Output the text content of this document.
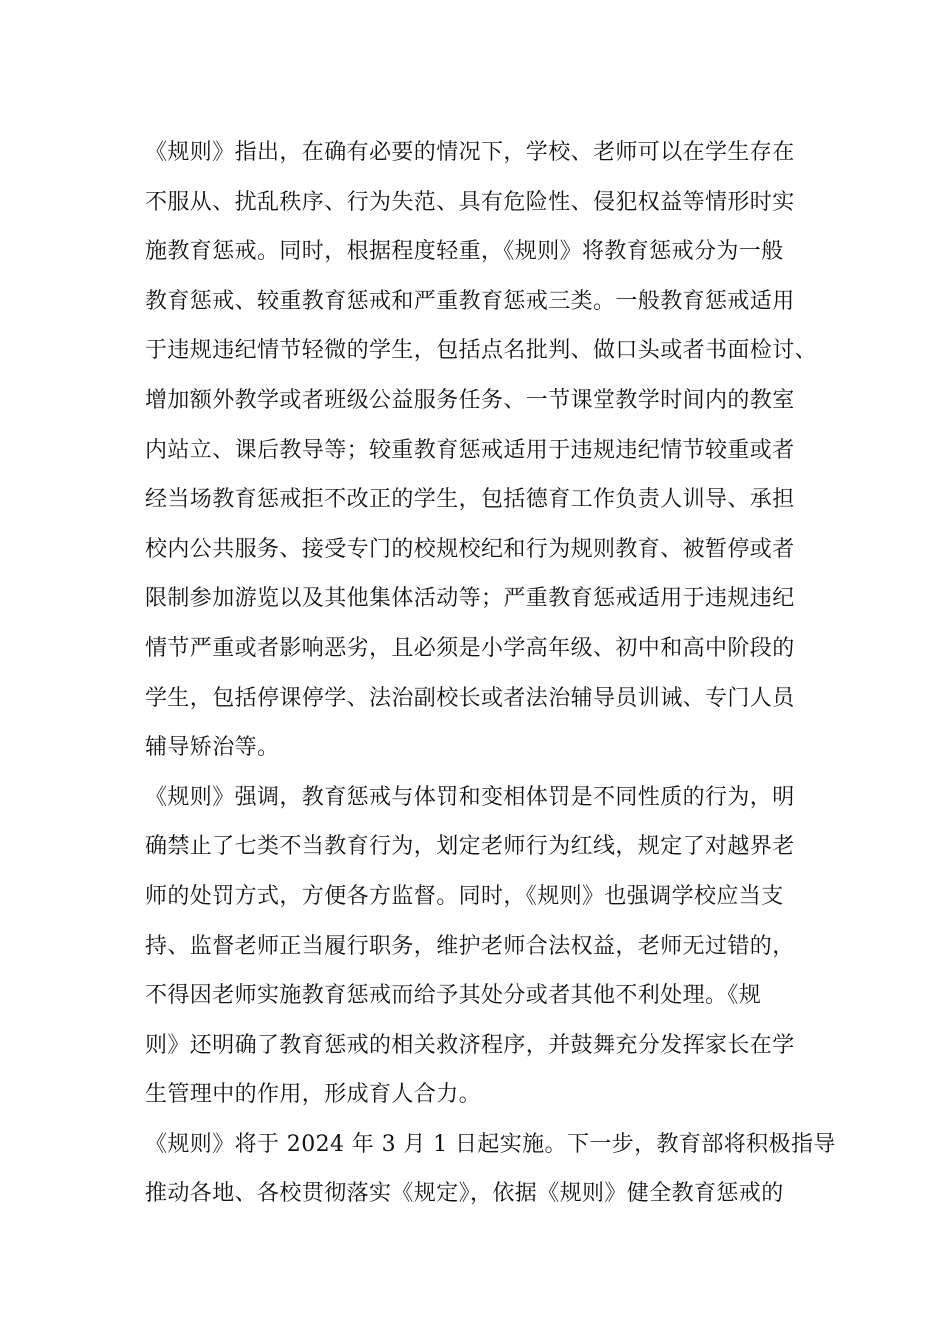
《规则》指出，在确有必要的情况下，学校、老师可以在学生存在
不服从、扰乱秩序、行为失范、具有危险性、侵犯权益等情形时实
施教育惩戒。同时，根据程度轻重，《规则》将教育惩戒分为一般
教育惩戒、较重教育惩戒和严重教育惩戒三类。一般教育惩戒适用
于违规违纪情节轻微的学生，包括点名批判、做口头或者书面检讨、
增加额外教学或者班级公益服务任务、一节课堂教学时间内的教室
内站立、课后教导等；较重教育惩戒适用于违规违纪情节较重或者
经当场教育惩戒拒不改正的学生，包括德育工作负责人训导、承担
校内公共服务、接受专门的校规校纪和行为规则教育、被暂停或者
限制参加游览以及其他集体活动等；严重教育惩戒适用于违规违纪
情节严重或者影响恶劣，且必须是小学高年级、初中和高中阶段的
学生，包括停课停学、法治副校长或者法治辅导员训诫、专门人员
辅导矫治等。
《规则》强调，教育惩戒与体罚和变相体罚是不同性质的行为，明
确禁止了七类不当教育行为，划定老师行为红线，规定了对越界老
师的处罚方式，方便各方监督。同时，《规则》也强调学校应当支
持、监督老师正当履行职务，维护老师合法权益，老师无过错的，
不得因老师实施教育惩戒而给予其处分或者其他不利处理。《规
则》还明确了教育惩戒的相关救济程序，并鼓舞充分发挥家长在学
生管理中的作用，形成育人合力。
《规则》将于 2024 年 3 月 1 日起实施。下一步，教育部将积极指导
推动各地、各校贯彻落实《规定》，依据《规则》健全教育惩戒的
